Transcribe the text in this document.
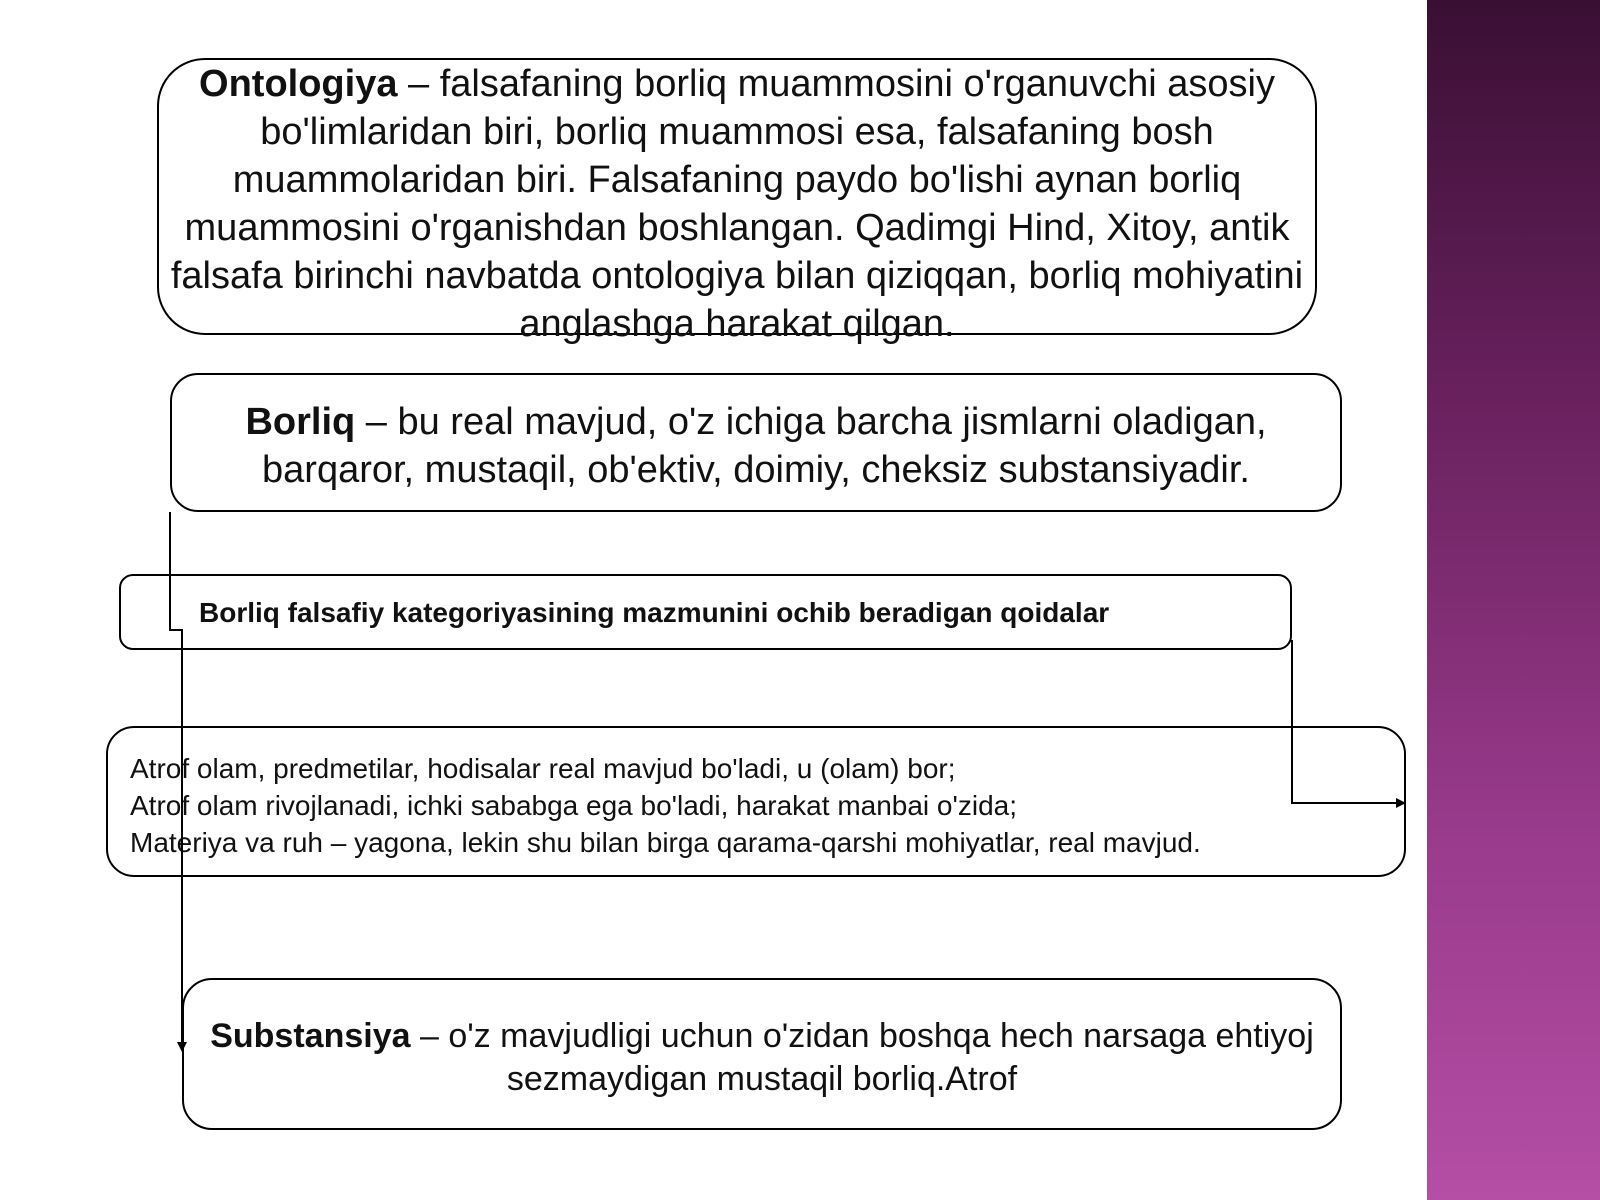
Ontologiya – falsafaning borliq muammosini o'rganuvchi asosiy bo'limlaridan biri, borliq muammosi esa, falsafaning bosh muammolaridan biri. Falsafaning paydo bo'lishi aynan borliq muammosini o'rganishdan boshlangan. Qadimgi Hind, Xitoy, antik falsafa birinchi navbatda ontologiya bilan qiziqqan, borliq mohiyatini anglashga harakat qilgan.
Borliq – bu real mavjud, o'z ichiga barcha jismlarni oladigan, barqaror, mustaqil, ob'ektiv, doimiy, cheksiz substansiyadir.
Borliq falsafiy kategoriyasining mazmunini ochib beradigan qoidalar
Atrof olam, predmetilar, hodisalar real mavjud bo'ladi, u (olam) bor;
Atrof olam rivojlanadi, ichki sababga ega bo'ladi, harakat manbai o'zida;
Materiya va ruh – yagona, lekin shu bilan birga qarama-qarshi mohiyatlar, real mavjud.
Substansiya – o'z mavjudligi uchun o'zidan boshqa hech narsaga ehtiyoj sezmaydigan mustaqil borliq.Atrof
